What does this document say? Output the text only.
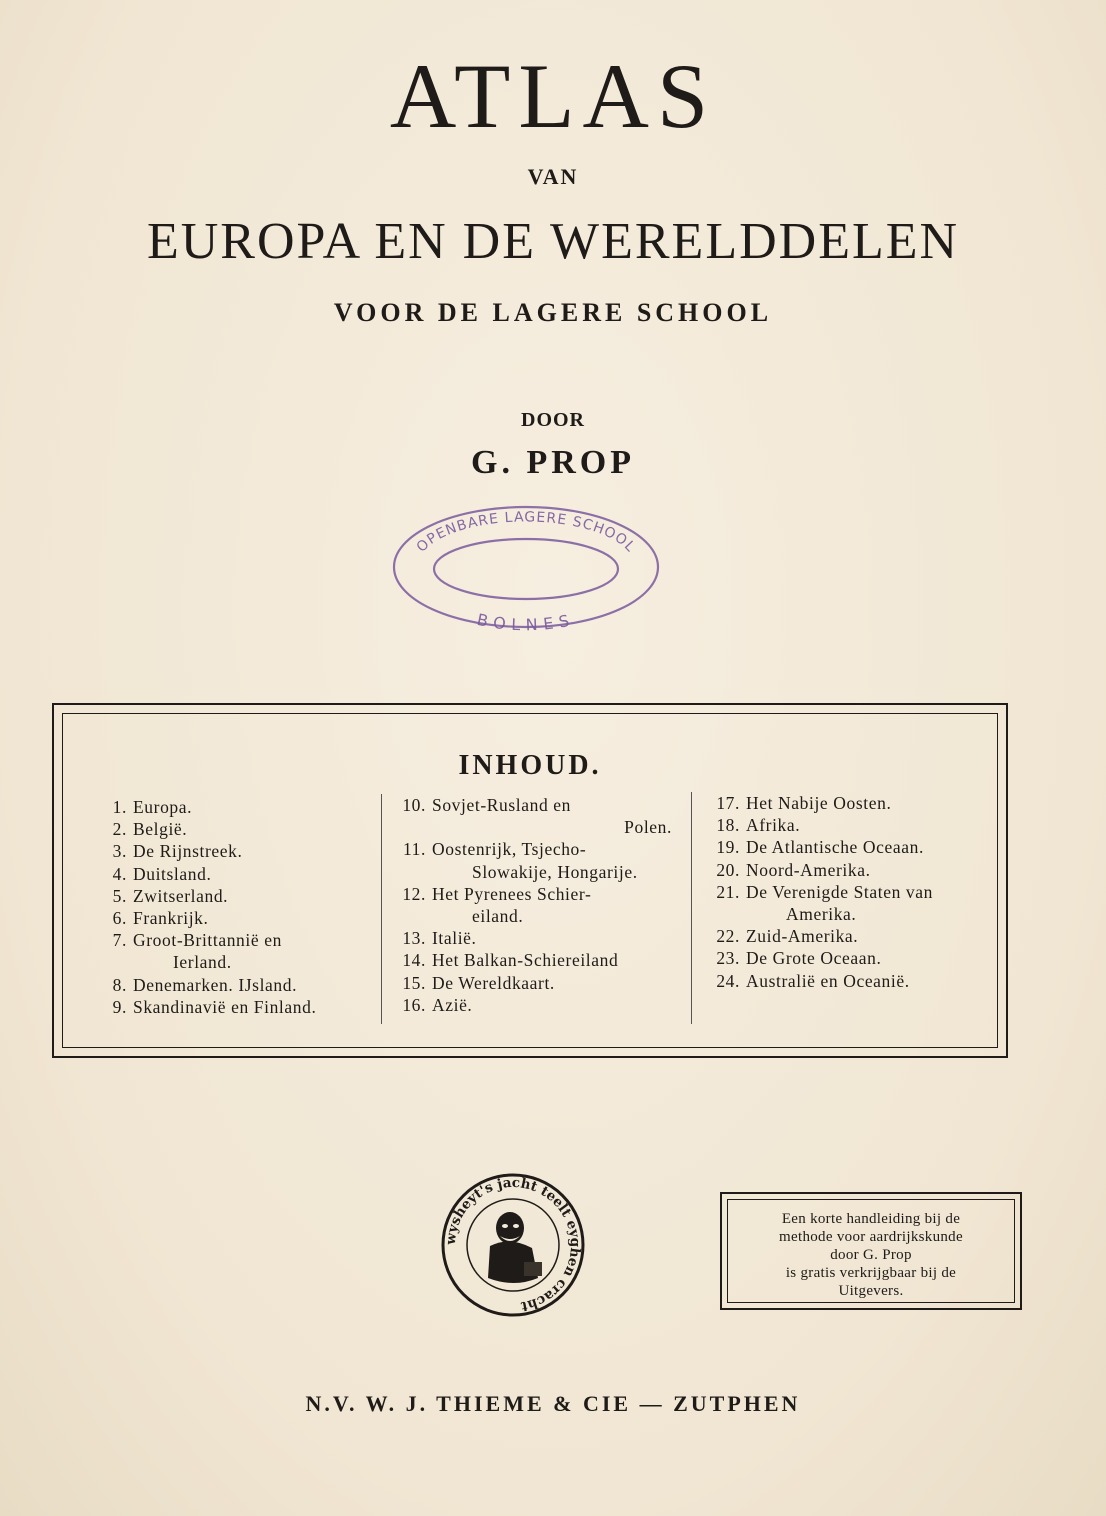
ATLAS
VAN
EUROPA EN DE WERELDDELEN
VOOR DE LAGERE SCHOOL
DOOR
G. PROP
OPENBARE LAGERE SCHOOL
BOLNES
INHOUD.
1. Europa.
2. België.
3. De Rijnstreek.
4. Duitsland.
5. Zwitserland.
6. Frankrijk.
7. Groot-Brittannië en
Ierland.
8. Denemarken. IJsland.
9. Skandinavië en Finland.
10. Sovjet-Rusland en
Polen.
11. Oostenrijk, Tsjecho-
Slowakije, Hongarije.
12. Het Pyrenees Schier-
eiland.
13. Italië.
14. Het Balkan-Schiereiland
15. De Wereldkaart.
16. Azië.
17. Het Nabije Oosten.
18. Afrika.
19. De Atlantische Oceaan.
20. Noord-Amerika.
21. De Verenigde Staten van
Amerika.
22. Zuid-Amerika.
23. De Grote Oceaan.
24. Australië en Oceanië.
wysheyt's jacht teelt eyghen cracht
Een korte handleiding bij de
methode voor aardrijkskunde
door G. Prop
is gratis verkrijgbaar bij de
Uitgevers.
N.V. W. J. THIEME & CIE — ZUTPHEN
